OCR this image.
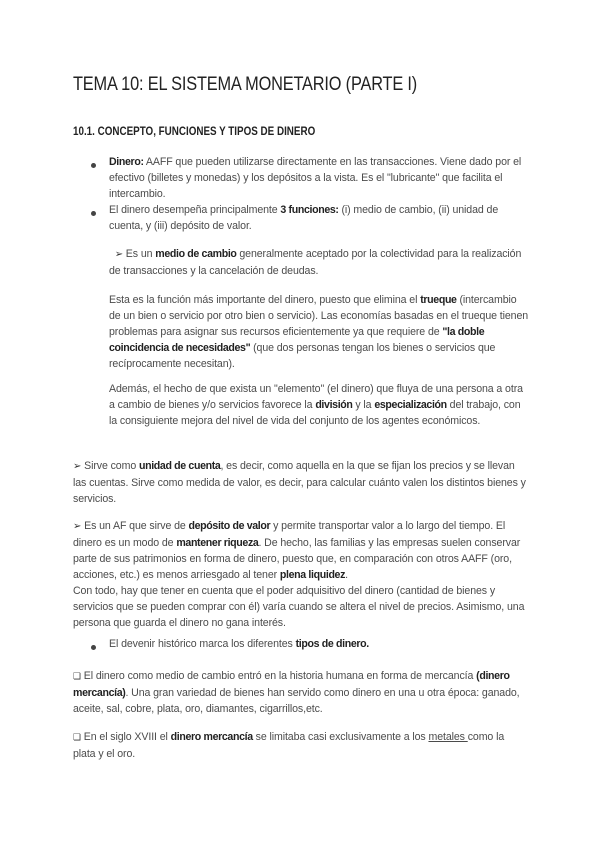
TEMA 10: EL SISTEMA MONETARIO (PARTE I)
10.1. CONCEPTO, FUNCIONES Y TIPOS DE DINERO

Dinero: AAFF que pueden utilizarse directamente en las transacciones. Viene dado por el efectivo (billetes y monedas) y los depósitos a la vista. Es el "lubricante" que facilita el intercambio.

El dinero desempeña principalmente 3 funciones: (i) medio de cambio, (ii) unidad de cuenta, y (iii) depósito de valor.

➢ Es un medio de cambio generalmente aceptado por la colectividad para la realización de transacciones y la cancelación de deudas.

Esta es la función más importante del dinero, puesto que elimina el trueque (intercambio de un bien o servicio por otro bien o servicio). Las economías basadas en el trueque tienen problemas para asignar sus recursos eficientemente ya que requiere de "la doble coincidencia de necesidades" (que dos personas tengan los bienes o servicios que recíprocamente necesitan).

Además, el hecho de que exista un "elemento" (el dinero) que fluya de una persona a otra a cambio de bienes y/o servicios favorece la división y la especialización del trabajo, con la consiguiente mejora del nivel de vida del conjunto de los agentes económicos.

➢ Sirve como unidad de cuenta, es decir, como aquella en la que se fijan los precios y se llevan las cuentas. Sirve como medida de valor, es decir, para calcular cuánto valen los distintos bienes y servicios.

➢ Es un AF que sirve de depósito de valor y permite transportar valor a lo largo del tiempo. El dinero es un modo de mantener riqueza. De hecho, las familias y las empresas suelen conservar parte de sus patrimonios en forma de dinero, puesto que, en comparación con otros AAFF (oro, acciones, etc.) es menos arriesgado al tener plena liquidez.
Con todo, hay que tener en cuenta que el poder adquisitivo del dinero (cantidad de bienes y servicios que se pueden comprar con él) varía cuando se altera el nivel de precios. Asimismo, una persona que guarda el dinero no gana interés.

El devenir histórico marca los diferentes tipos de dinero.

❏ El dinero como medio de cambio entró en la historia humana en forma de mercancía (dinero mercancía). Una gran variedad de bienes han servido como dinero en una u otra época: ganado, aceite, sal, cobre, plata, oro, diamantes, cigarrillos,etc.

❏ En el siglo XVIII el dinero mercancía se limitaba casi exclusivamente a los metales como la plata y el oro.
